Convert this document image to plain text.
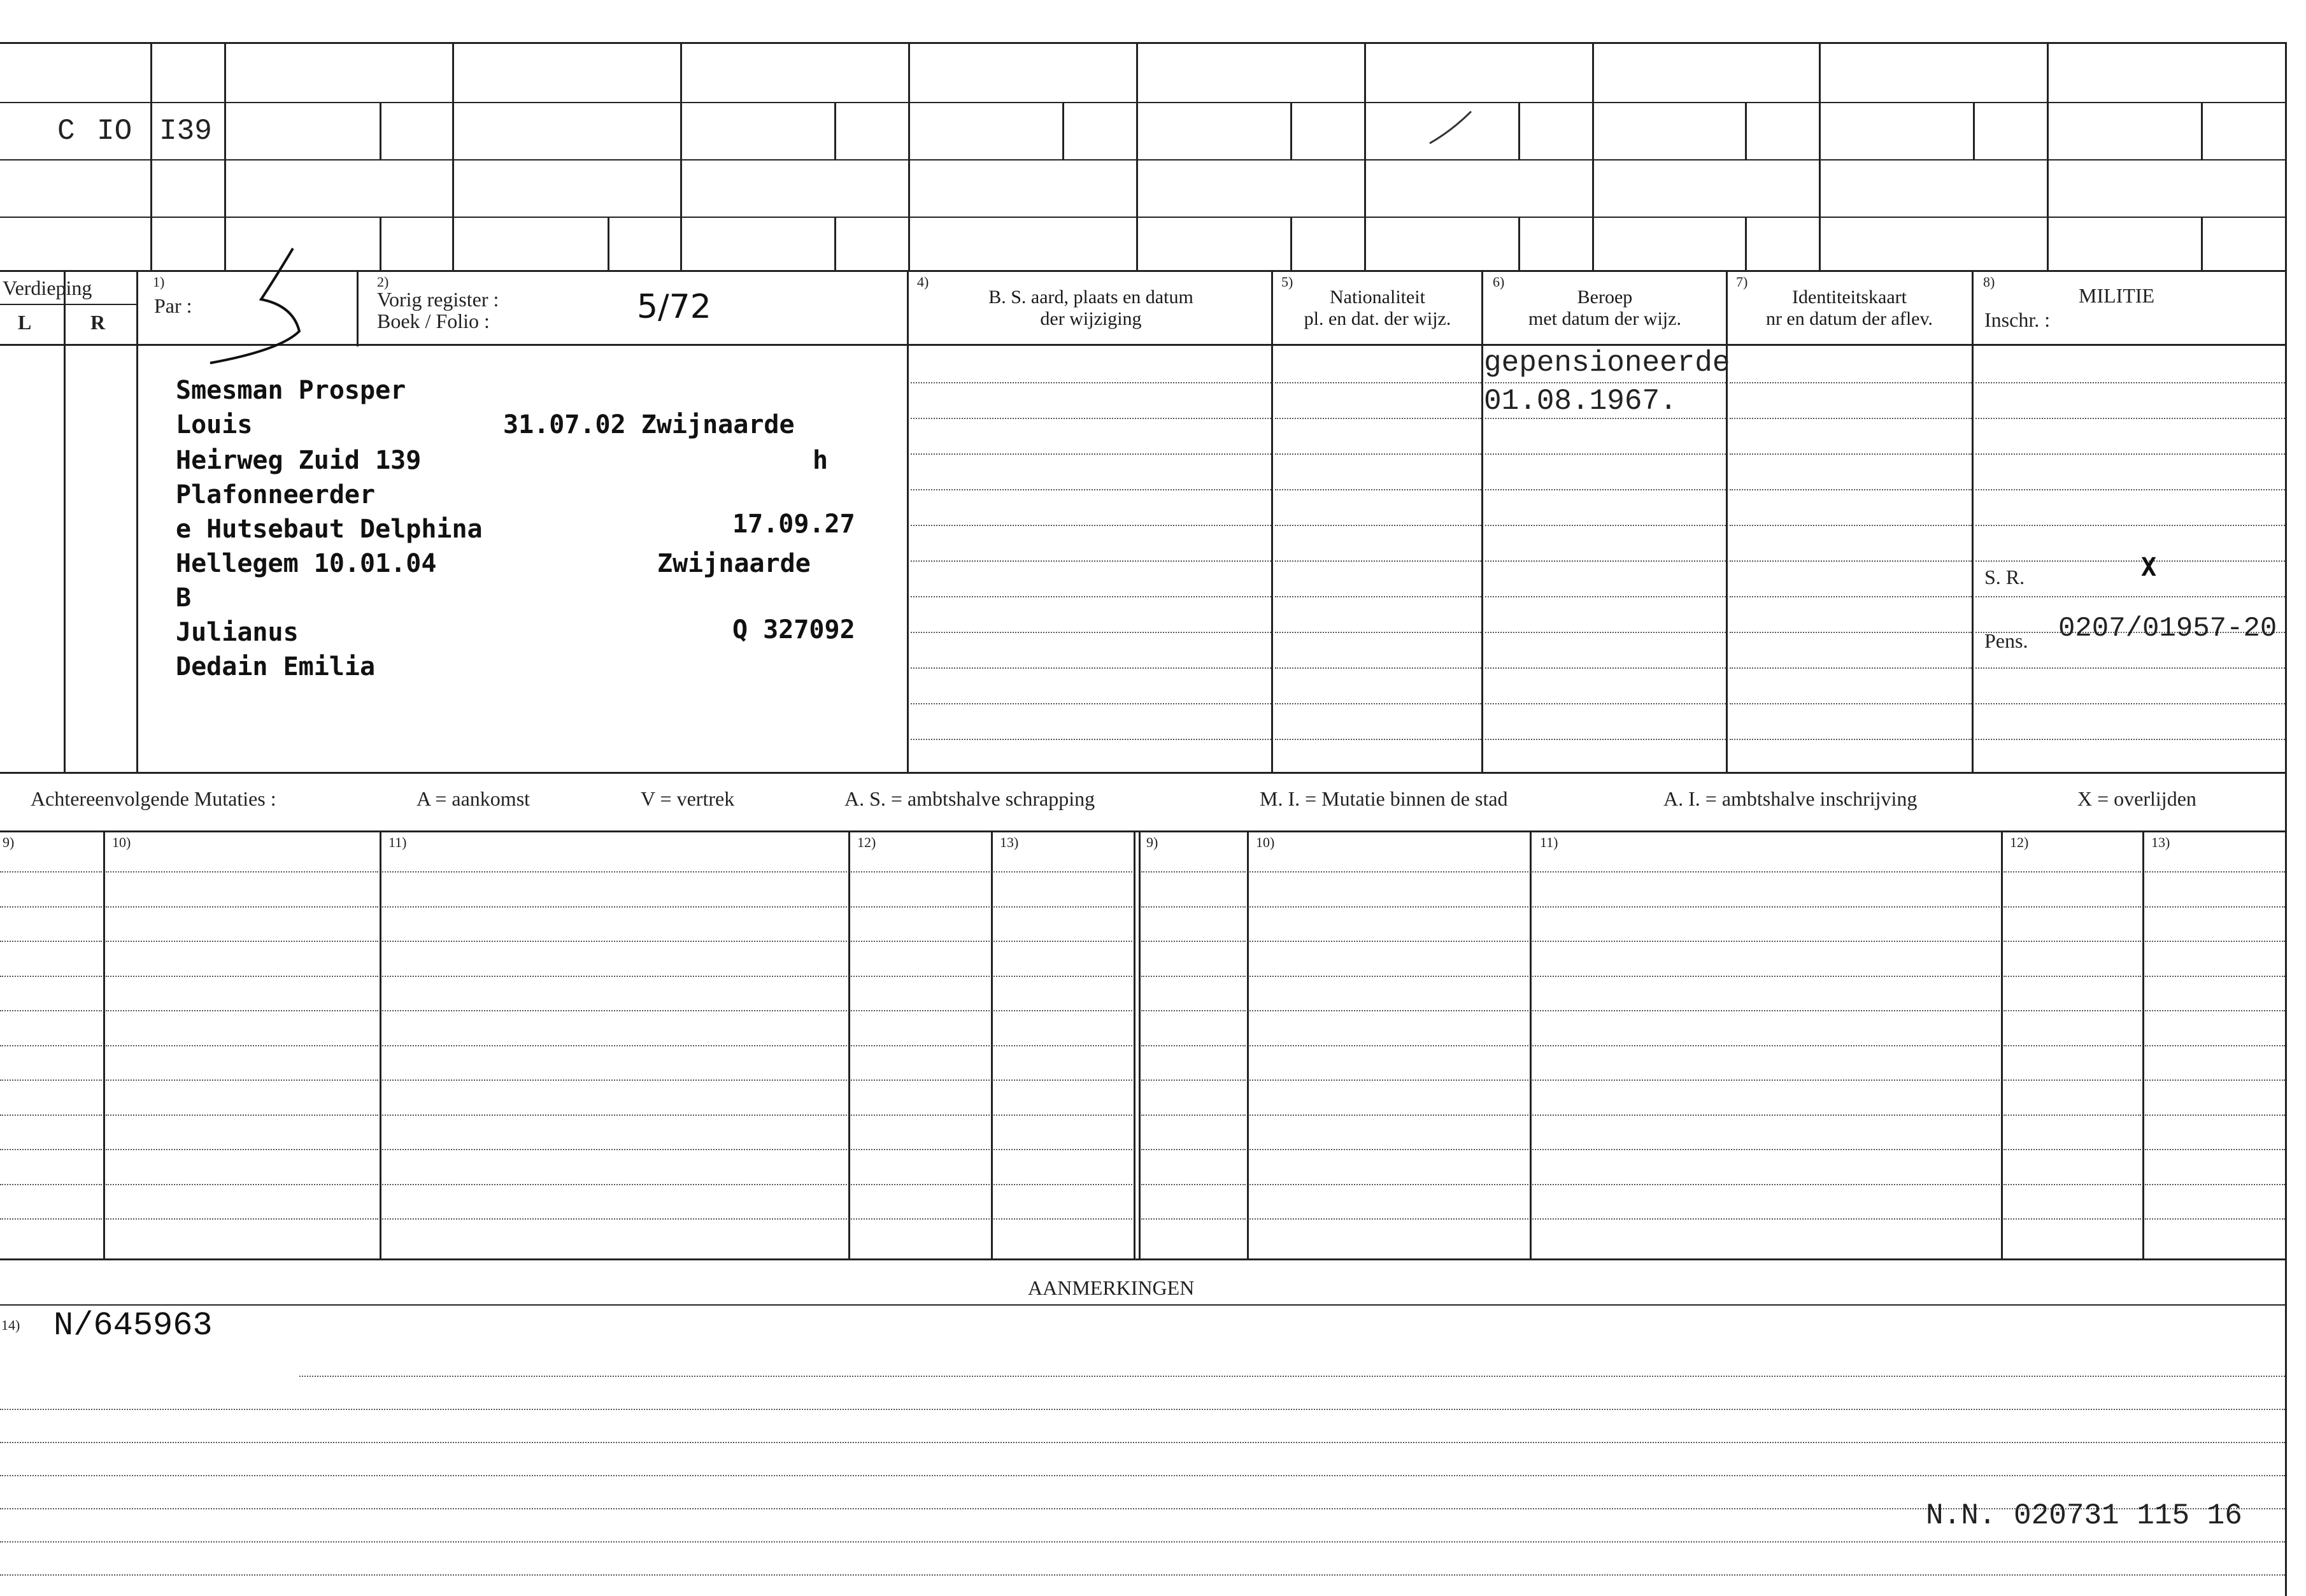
C IO I39
Verdieping
L	R
1)
Par :
2)
Vorig register :
Boek / Folio :	5/72
4)
B. S. aard, plaats en datum
der wijziging
5)
Nationaliteit
pl. en dat. der wijz.
6)
Beroep
met datum der wijz.
7)
Identiteitskaart
nr en datum der aflev.
8)
MILITIE
Inschr. :
Smesman Prosper
Louis	31.07.02 Zwijnaarde
Heirweg Zuid 139	h
Plafonneerder
e Hutsebaut Delphina	17.09.27
Hellegem 10.01.04	Zwijnaarde
B
Julianus	Q 327092
Dedain Emilia
gepensioneerde
01.08.1967.
S. R.	X
Pens. 0207/01957-20
Achtereenvolgende Mutaties :	A = aankomst	V = vertrek	A. S. = ambtshalve schrapping	M. I. = Mutatie binnen de stad	A. I. = ambtshalve inschrijving	X = overlijden
9)	10)	11)	12)	13)	9)	10)	11)	12)	13)
AANMERKINGEN
14) N/645963
N.N. 020731 115 16
